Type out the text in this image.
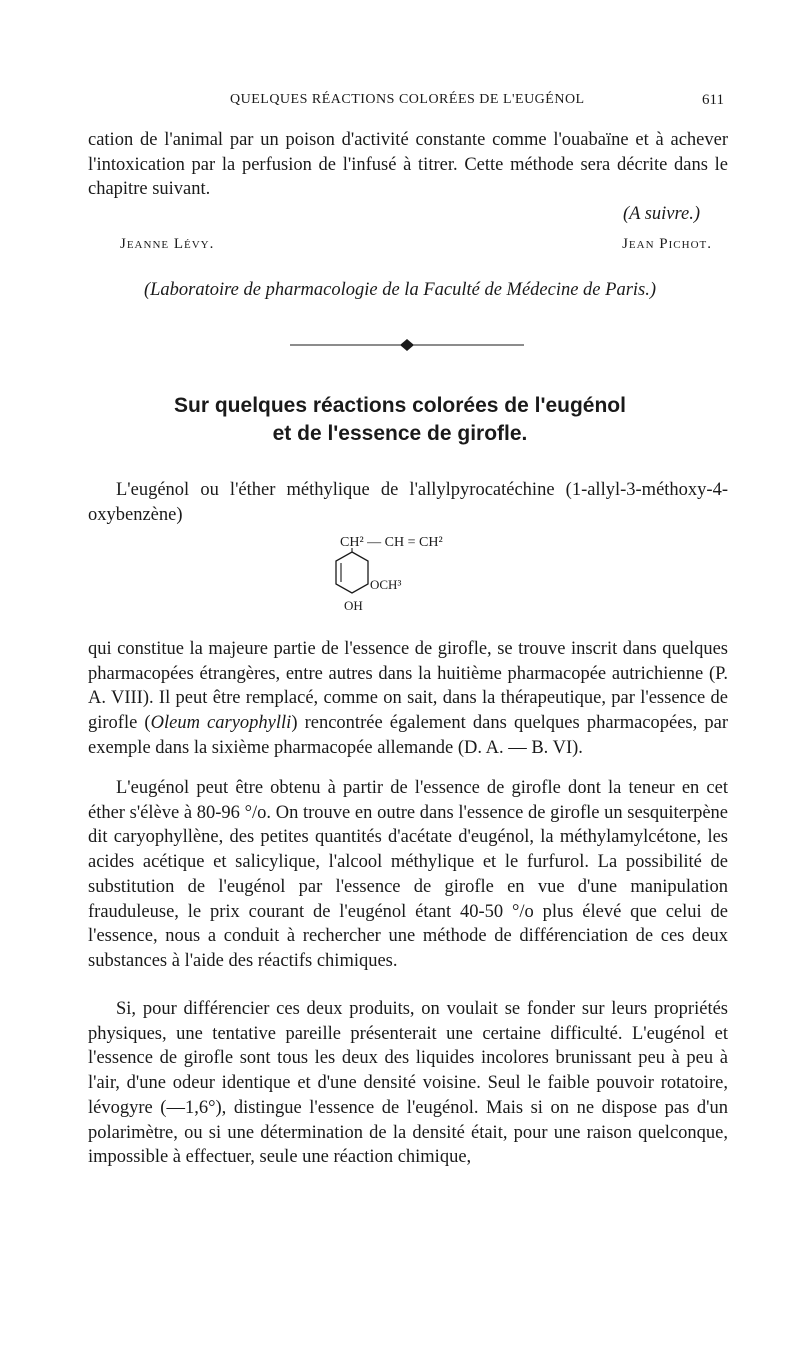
QUELQUES RÉACTIONS COLORÉES DE L'EUGÉNOL	611

cation de l'animal par un poison d'activité constante comme l'ouabaïne et à achever l'intoxication par la perfusion de l'infusé à titrer. Cette méthode sera décrite dans le chapitre suivant.

(A suivre.)
Jeanne Lévy.	Jean Pichot.
(Laboratoire de pharmacologie de la Faculté de Médecine de Paris.)
Sur quelques réactions colorées de l'eugénol
et de l'essence de girofle.

L'eugénol ou l'éther méthylique de l'allylpyrocatéchine (1-allyl-3-méthoxy-4-oxybenzène)

CH² — CH = CH²
OCH³
OH

qui constitue la majeure partie de l'essence de girofle, se trouve inscrit dans quelques pharmacopées étrangères, entre autres dans la huitième pharmacopée autrichienne (P. A. VIII). Il peut être remplacé, comme on sait, dans la thérapeutique, par l'essence de girofle (Oleum caryophylli) rencontrée également dans quelques pharmacopées, par exemple dans la sixième pharmacopée allemande (D. A. — B. VI).

L'eugénol peut être obtenu à partir de l'essence de girofle dont la teneur en cet éther s'élève à 80-96 °/o. On trouve en outre dans l'essence de girofle un sesquiterpène dit caryophyllène, des petites quantités d'acétate d'eugénol, la méthylamylcétone, les acides acétique et salicylique, l'alcool méthylique et le furfurol. La possibilité de substitution de l'eugénol par l'essence de girofle en vue d'une manipulation frauduleuse, le prix courant de l'eugénol étant 40-50 °/o plus élevé que celui de l'essence, nous a conduit à rechercher une méthode de différenciation de ces deux substances à l'aide des réactifs chimiques.

Si, pour différencier ces deux produits, on voulait se fonder sur leurs propriétés physiques, une tentative pareille présenterait une certaine difficulté. L'eugénol et l'essence de girofle sont tous les deux des liquides incolores brunissant peu à peu à l'air, d'une odeur identique et d'une densité voisine. Seul le faible pouvoir rotatoire, lévogyre (—1,6°), distingue l'essence de l'eugénol. Mais si on ne dispose pas d'un polarimètre, ou si une détermination de la densité était, pour une raison quelconque, impossible à effectuer, seule une réaction chimique,
